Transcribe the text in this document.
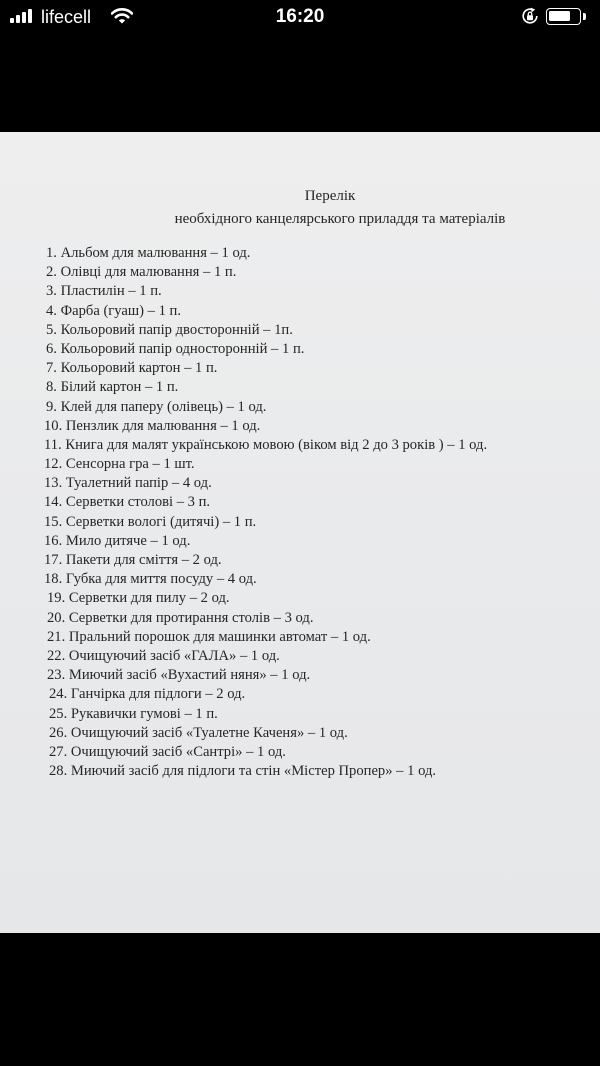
lifecell	16:20
Перелік
необхідного канцелярського приладдя та матеріалів
1. Альбом для малювання – 1 од.
2. Олівці для малювання – 1 п.
3. Пластилін – 1 п.
4. Фарба (гуаш) – 1 п.
5. Кольоровий папір двосторонній – 1п.
6. Кольоровий папір односторонній – 1 п.
7. Кольоровий картон – 1 п.
8. Білий картон – 1 п.
9. Клей для паперу (олівець) – 1 од.
10. Пензлик для малювання – 1 од.
11. Книга для малят українською мовою (віком від 2 до 3 років ) – 1 од.
12. Сенсорна гра – 1 шт.
13. Туалетний папір – 4 од.
14. Серветки столові – 3 п.
15. Серветки вологі (дитячі) – 1 п.
16. Мило дитяче – 1 од.
17. Пакети для сміття – 2 од.
18. Губка для миття посуду – 4 од.
19. Серветки для пилу – 2 од.
20. Серветки для протирання столів – 3 од.
21. Пральний порошок для машинки автомат – 1 од.
22. Очищуючий засіб «ГАЛА» – 1 од.
23. Миючий засіб «Вухастий няня» – 1 од.
24. Ганчірка для підлоги – 2 од.
25. Рукавички гумові – 1 п.
26. Очищуючий засіб «Туалетне Каченя» – 1 од.
27. Очищуючий засіб «Сантрі» – 1 од.
28. Миючий засіб для підлоги та стін «Містер Пропер» – 1 од.
